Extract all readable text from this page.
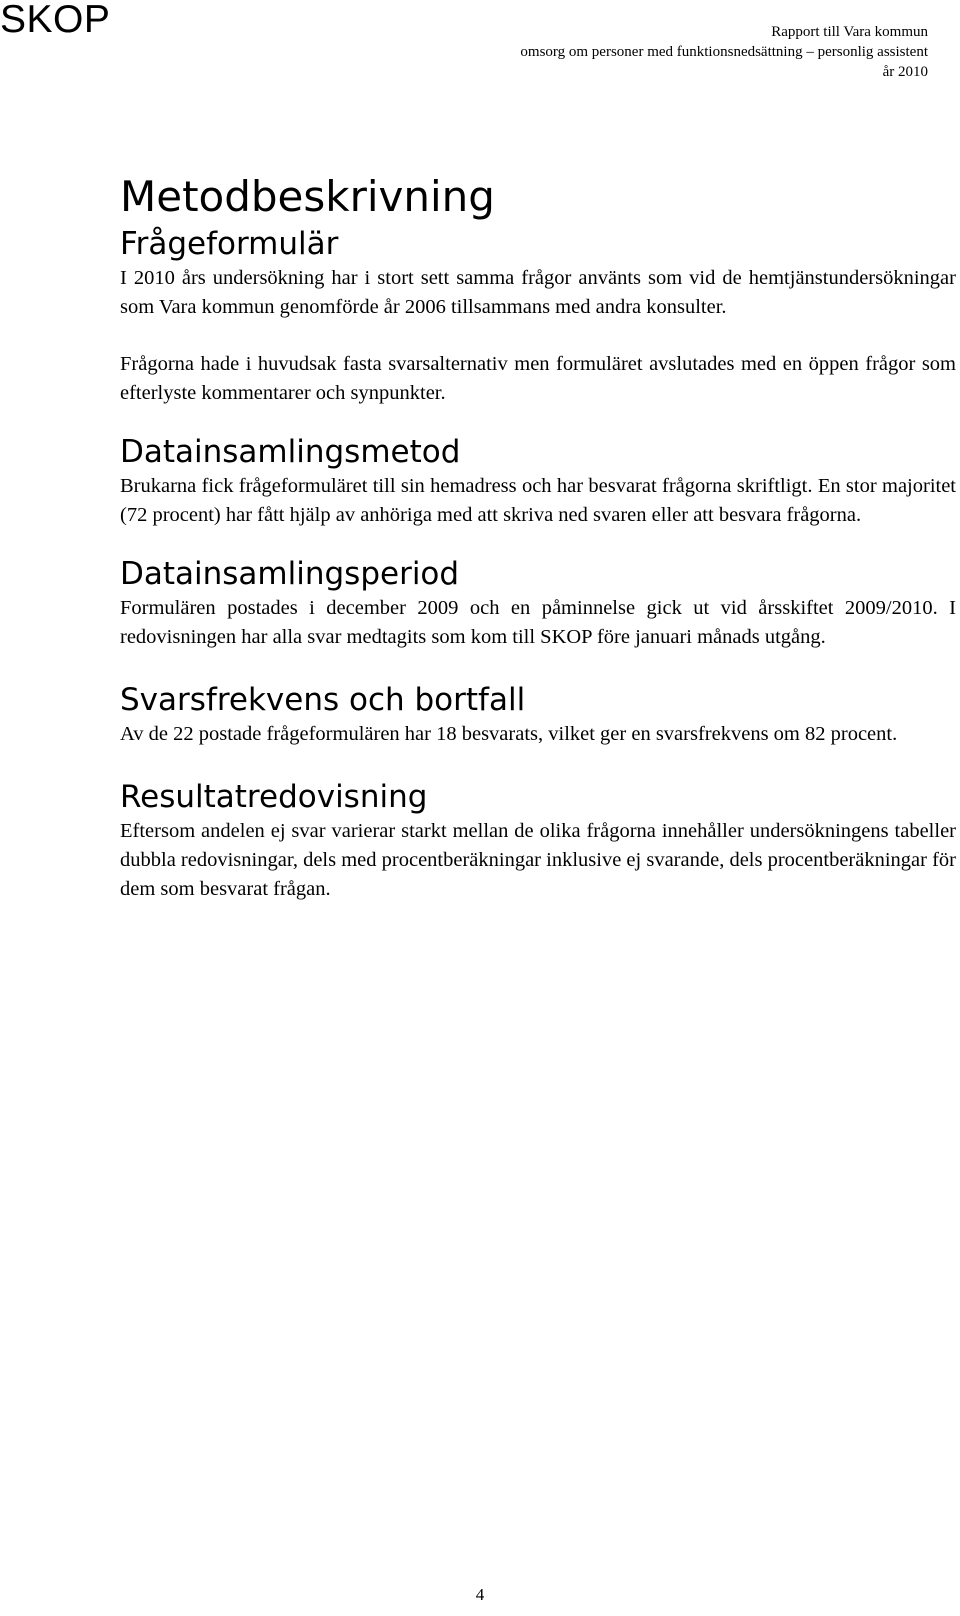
SKOP	Rapport till Vara kommun
omsorg om personer med funktionsnedsättning – personlig assistent
år 2010
Metodbeskrivning
Frågeformulär

I 2010 års undersökning har i stort sett samma frågor använts som vid de hemtjänstundersökningar som Vara kommun genomförde år 2006 tillsammans med andra konsulter.

Frågorna hade i huvudsak fasta svarsalternativ men formuläret avslutades med en öppen frågor som efterlyste kommentarer och synpunkter.

Datainsamlingsmetod

Brukarna fick frågeformuläret till sin hemadress och har besvarat frågorna skriftligt. En stor majoritet (72 procent) har fått hjälp av anhöriga med att skriva ned svaren eller att besvara frågorna.

Datainsamlingsperiod

Formulären postades i december 2009 och en påminnelse gick ut vid årsskiftet 2009/2010. I redovisningen har alla svar medtagits som kom till SKOP före januari månads utgång.

Svarsfrekvens och bortfall

Av de 22 postade frågeformulären har 18 besvarats, vilket ger en svarsfrekvens om 82 procent.

Resultatredovisning

Eftersom andelen ej svar varierar starkt mellan de olika frågorna innehåller undersökningens tabeller dubbla redovisningar, dels med procentberäkningar inklusive ej svarande, dels procentberäkningar för dem som besvarat frågan.

4
